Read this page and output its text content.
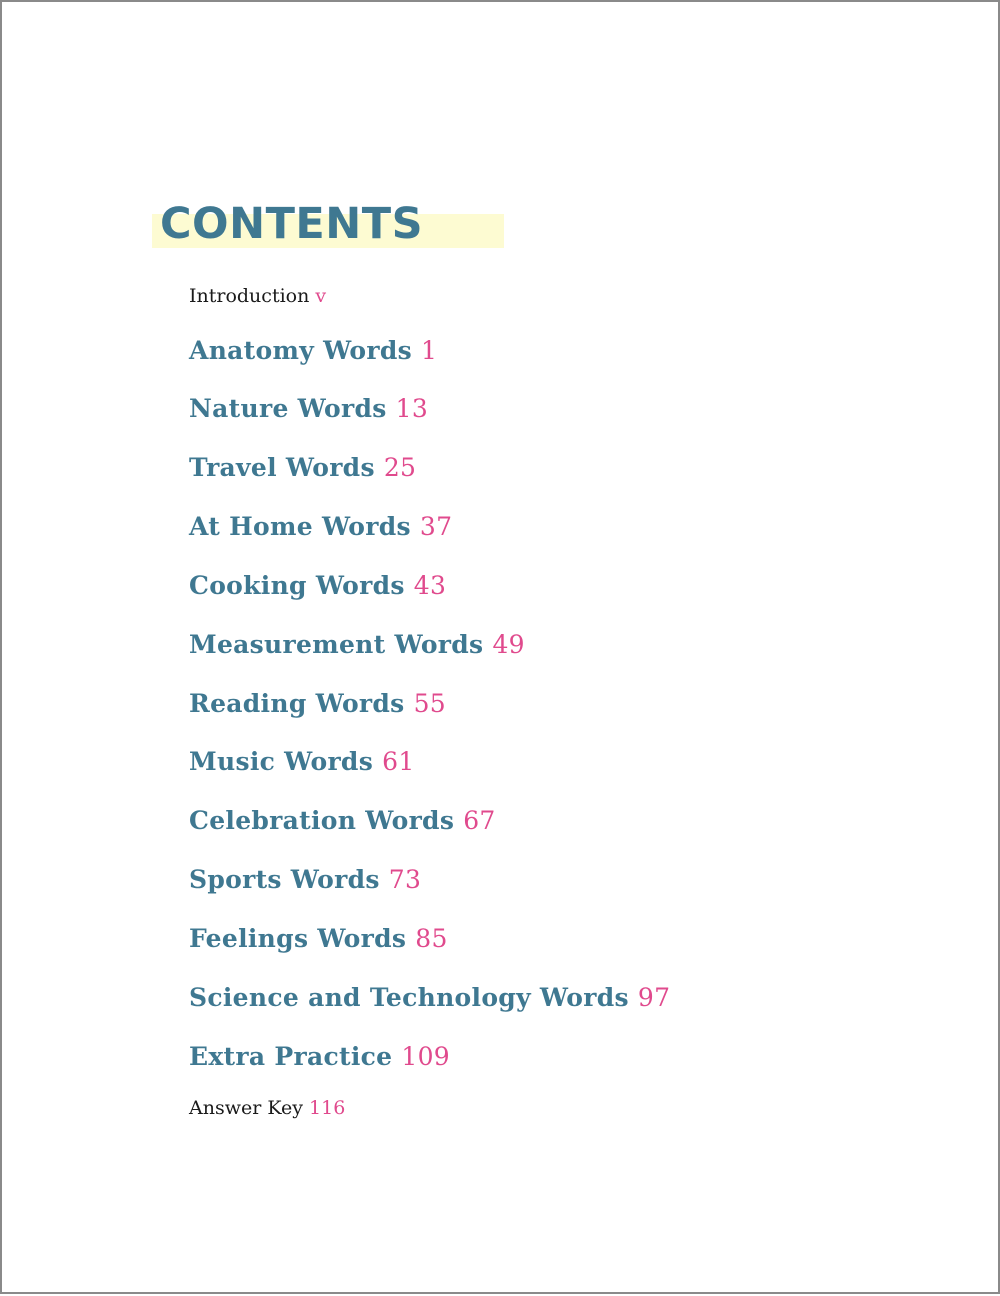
CONTENTS
Introduction v
Anatomy Words 1
Nature Words 13
Travel Words 25
At Home Words 37
Cooking Words 43
Measurement Words 49
Reading Words 55
Music Words 61
Celebration Words 67
Sports Words 73
Feelings Words 85
Science and Technology Words 97
Extra Practice 109
Answer Key 116
